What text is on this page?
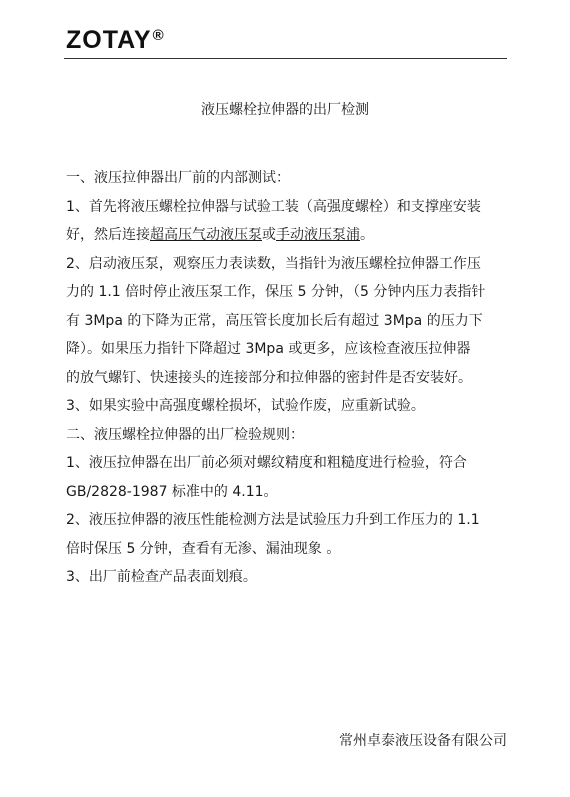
ZOTAY®
液压螺栓拉伸器的出厂检测

一、液压拉伸器出厂前的内部测试：

1、首先将液压螺栓拉伸器与试验工装（高强度螺栓）和支撑座安装

好，然后连接超高压气动液压泵或手动液压泵浦。

2、启动液压泵，观察压力表读数，当指针为液压螺栓拉伸器工作压

力的 1.1 倍时停止液压泵工作，保压 5 分钟，（5 分钟内压力表指针

有 3Mpa 的下降为正常，高压管长度加长后有超过 3Mpa 的压力下

降）。如果压力指针下降超过 3Mpa 或更多，应该检查液压拉伸器

的放气螺钉、快速接头的连接部分和拉伸器的密封件是否安装好。

3、如果实验中高强度螺栓损坏，试验作废，应重新试验。

二、液压螺栓拉伸器的出厂检验规则：

1、液压拉伸器在出厂前必须对螺纹精度和粗糙度进行检验，符合

GB/2828-1987 标准中的 4.11。

2、液压拉伸器的液压性能检测方法是试验压力升到工作压力的 1.1

倍时保压 5 分钟，查看有无渗、漏油现象 。

3、出厂前检查产品表面划痕。

常州卓泰液压设备有限公司
